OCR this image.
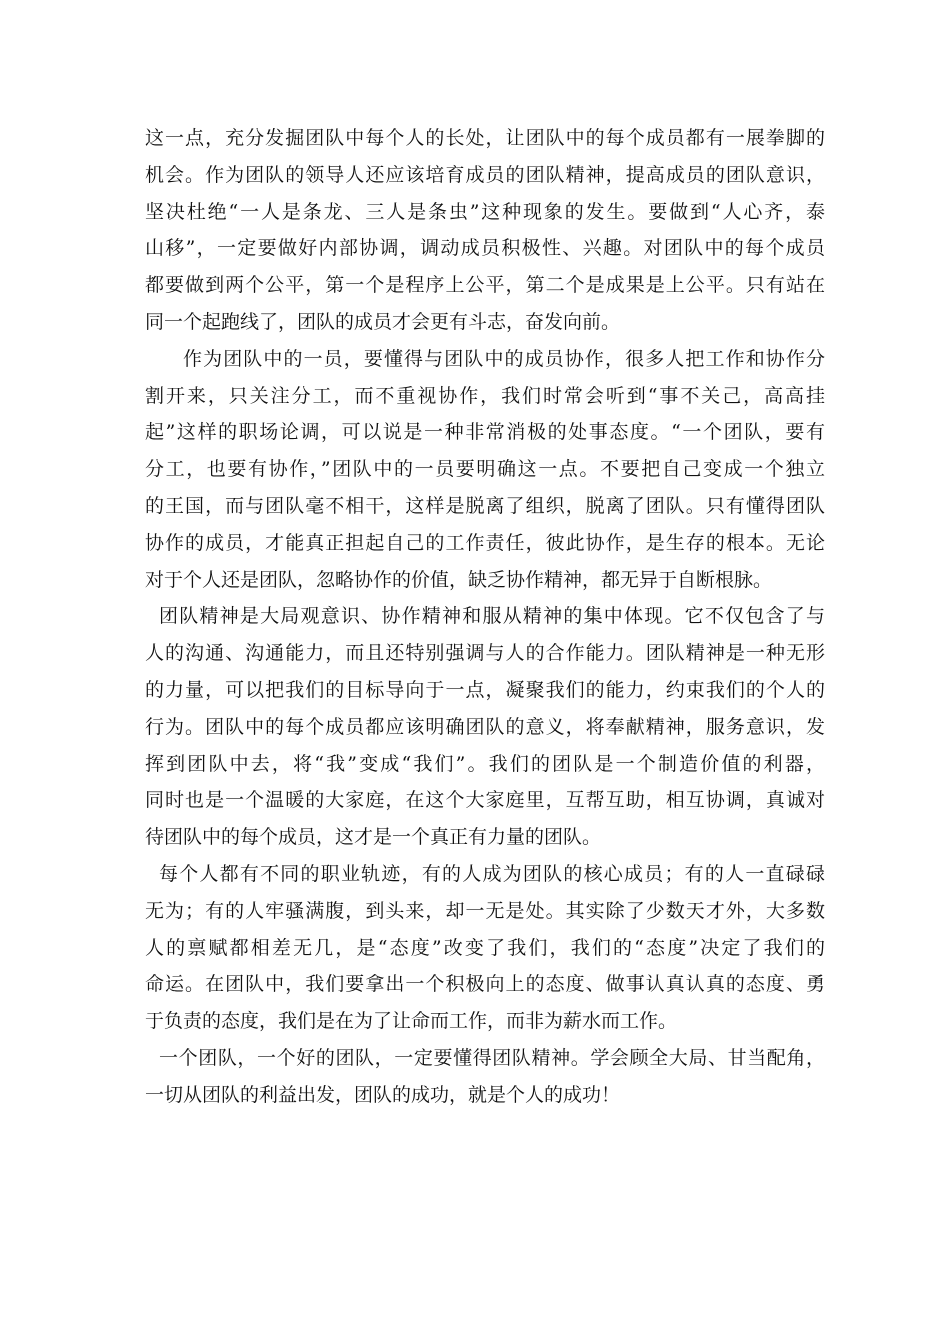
这一点，充分发掘团队中每个人的长处，让团队中的每个成员都有一展拳脚的
机会。作为团队的领导人还应该培育成员的团队精神，提高成员的团队意识，
坚决杜绝“一人是条龙、三人是条虫”这种现象的发生。要做到“人心齐，泰
山移”，一定要做好内部协调，调动成员积极性、兴趣。对团队中的每个成员
都要做到两个公平，第一个是程序上公平，第二个是成果是上公平。只有站在
同一个起跑线了，团队的成员才会更有斗志，奋发向前。
作为团队中的一员，要懂得与团队中的成员协作，很多人把工作和协作分
割开来，只关注分工，而不重视协作，我们时常会听到“事不关己，高高挂
起”这样的职场论调，可以说是一种非常消极的处事态度。“一个团队，要有
分工，也要有协作，”团队中的一员要明确这一点。不要把自己变成一个独立
的王国，而与团队毫不相干，这样是脱离了组织，脱离了团队。只有懂得团队
协作的成员，才能真正担起自己的工作责任，彼此协作，是生存的根本。无论
对于个人还是团队，忽略协作的价值，缺乏协作精神，都无异于自断根脉。
团队精神是大局观意识、协作精神和服从精神的集中体现。它不仅包含了与
人的沟通、沟通能力，而且还特别强调与人的合作能力。团队精神是一种无形
的力量，可以把我们的目标导向于一点，凝聚我们的能力，约束我们的个人的
行为。团队中的每个成员都应该明确团队的意义，将奉献精神，服务意识，发
挥到团队中去，将“我”变成“我们”。我们的团队是一个制造价值的利器，
同时也是一个温暖的大家庭，在这个大家庭里，互帮互助，相互协调，真诚对
待团队中的每个成员，这才是一个真正有力量的团队。
每个人都有不同的职业轨迹，有的人成为团队的核心成员；有的人一直碌碌
无为；有的人牢骚满腹，到头来，却一无是处。其实除了少数天才外，大多数
人的禀赋都相差无几，是“态度”改变了我们，我们的“态度”决定了我们的
命运。在团队中，我们要拿出一个积极向上的态度、做事认真认真的态度、勇
于负责的态度，我们是在为了让命而工作，而非为薪水而工作。
一个团队，一个好的团队，一定要懂得团队精神。学会顾全大局、甘当配角，
一切从团队的利益出发，团队的成功，就是个人的成功！
